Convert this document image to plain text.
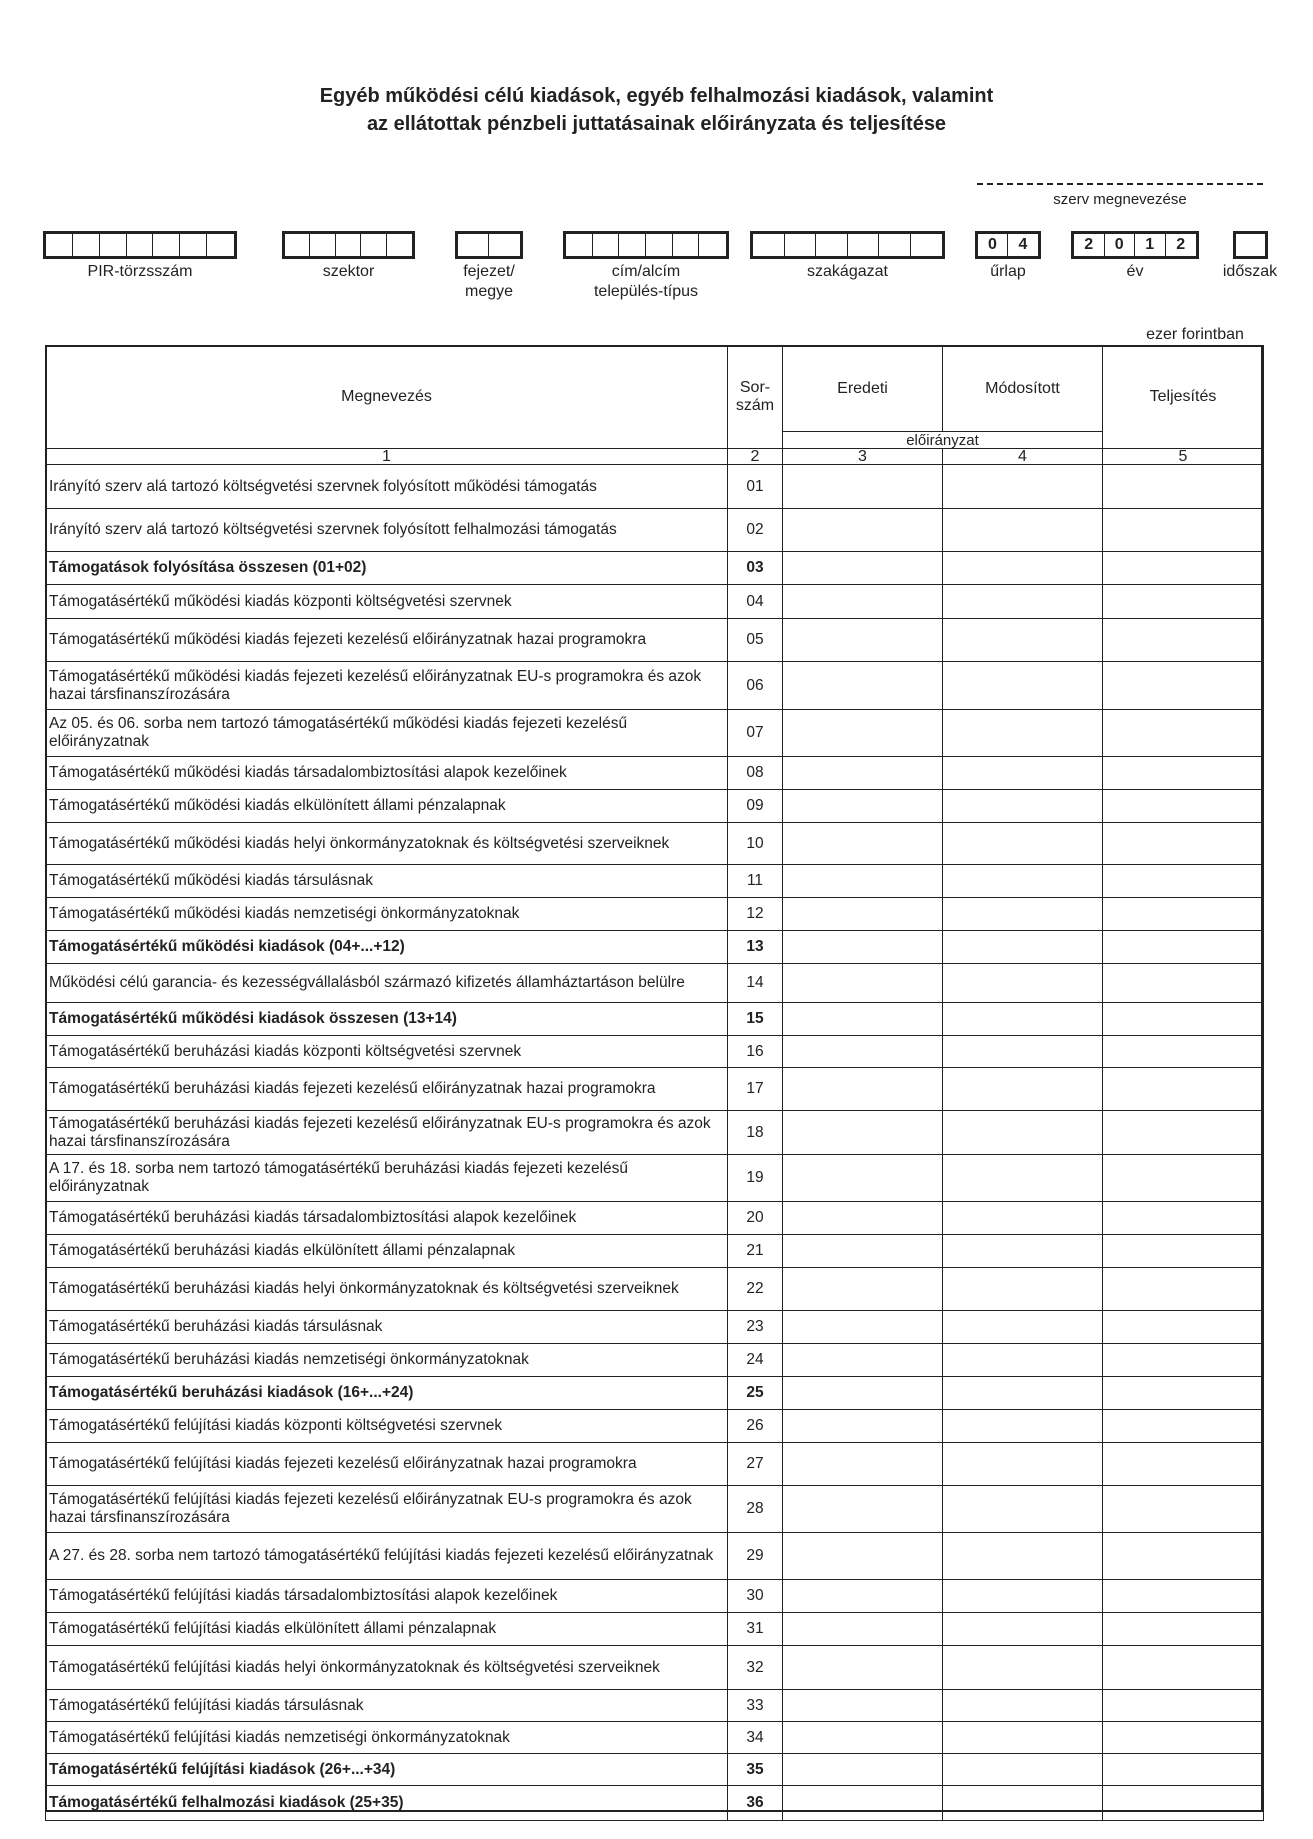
Egyéb működési célú kiadások, egyéb felhalmozási kiadások, valamint
az ellátottak pénzbeli juttatásainak előirányzata és teljesítése
szerv megnevezése
0	4	2	0	1	2
PIR-törzsszám	szektor	fejezet/
megye
cím/alcím
település-típus
szakágazat	űrlap	év	időszak
ezer forintban
Megnevezés	Sor-
szám	Eredeti	Módosított	Teljesítés
		előirányzat		
1	2	3	4	5
Irányító szerv alá tartozó költségvetési szervnek folyósított működési támogatás	01			
Irányító szerv alá tartozó költségvetési szervnek folyósított felhalmozási támogatás	02			
Támogatások folyósítása összesen (01+02)	03			
Támogatásértékű működési kiadás központi költségvetési szervnek	04			
Támogatásértékű működési kiadás fejezeti kezelésű előirányzatnak hazai programokra	05			
Támogatásértékű működési kiadás fejezeti kezelésű előirányzatnak EU-s programokra és azok hazai társfinanszírozására	06			
Az 05. és 06. sorba nem tartozó támogatásértékű működési kiadás fejezeti kezelésű előirányzatnak	07			
Támogatásértékű működési kiadás társadalombiztosítási alapok kezelőinek	08			
Támogatásértékű működési kiadás elkülönített állami pénzalapnak	09			
Támogatásértékű működési kiadás helyi önkormányzatoknak és költségvetési szerveiknek	10			
Támogatásértékű működési kiadás társulásnak	11			
Támogatásértékű működési kiadás nemzetiségi önkormányzatoknak	12			
Támogatásértékű működési kiadások (04+...+12)	13			
Működési célú garancia- és kezességvállalásból származó kifizetés államháztartáson belülre	14			
Támogatásértékű működési kiadások összesen (13+14)	15			
Támogatásértékű beruházási kiadás központi költségvetési szervnek	16			
Támogatásértékű beruházási kiadás fejezeti kezelésű előirányzatnak hazai programokra	17			
Támogatásértékű beruházási kiadás fejezeti kezelésű előirányzatnak EU-s programokra és azok hazai társfinanszírozására	18			
A 17. és 18. sorba nem tartozó támogatásértékű beruházási kiadás fejezeti kezelésű előirányzatnak	19			
Támogatásértékű beruházási kiadás társadalombiztosítási alapok kezelőinek	20			
Támogatásértékű beruházási kiadás elkülönített állami pénzalapnak	21			
Támogatásértékű beruházási kiadás helyi önkormányzatoknak és költségvetési szerveiknek	22			
Támogatásértékű beruházási kiadás társulásnak	23			
Támogatásértékű beruházási kiadás nemzetiségi önkormányzatoknak	24			
Támogatásértékű beruházási kiadások (16+...+24)	25			
Támogatásértékű felújítási kiadás központi költségvetési szervnek	26			
Támogatásértékű felújítási kiadás fejezeti kezelésű előirányzatnak hazai programokra	27			
Támogatásértékű felújítási kiadás fejezeti kezelésű előirányzatnak EU-s programokra és azok hazai társfinanszírozására	28			
A 27. és 28. sorba nem tartozó támogatásértékű felújítási kiadás fejezeti kezelésű előirányzatnak	29			
Támogatásértékű felújítási kiadás társadalombiztosítási alapok kezelőinek	30			
Támogatásértékű felújítási kiadás elkülönített állami pénzalapnak	31			
Támogatásértékű felújítási kiadás helyi önkormányzatoknak és költségvetési szerveiknek	32			
Támogatásértékű felújítási kiadás társulásnak	33			
Támogatásértékű felújítási kiadás nemzetiségi önkormányzatoknak	34			
Támogatásértékű felújítási kiadások (26+...+34)	35			
Támogatásértékű felhalmozási kiadások (25+35)	36			
